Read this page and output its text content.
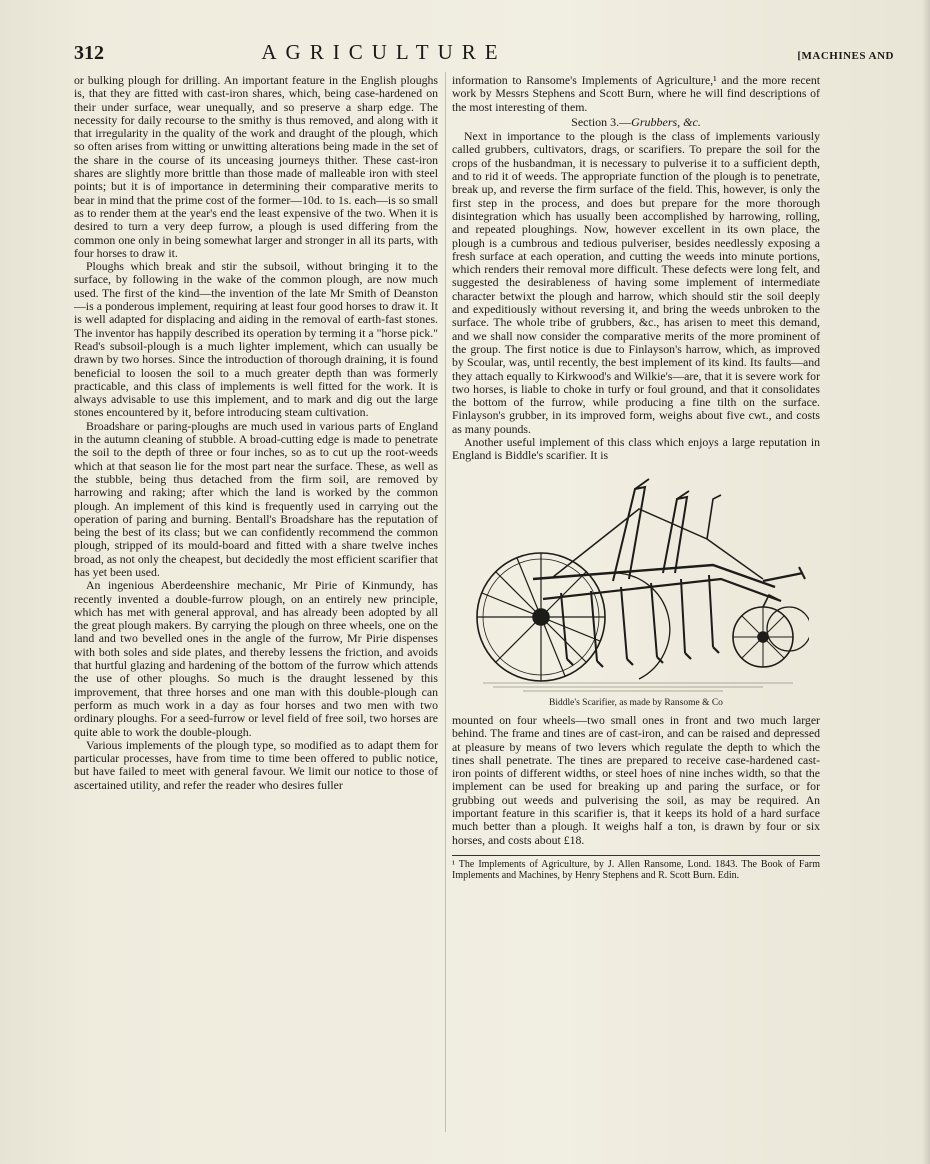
312	AGRICULTURE	[MACHINES AND

or bulking plough for drilling. An important feature in the English ploughs is, that they are fitted with cast-iron shares, which, being case-hardened on their under surface, wear unequally, and so preserve a sharp edge. The necessity for daily recourse to the smithy is thus removed, and along with it that irregularity in the quality of the work and draught of the plough, which so often arises from witting or unwitting alterations being made in the set of the share in the course of its unceasing journeys thither. These cast-iron shares are slightly more brittle than those made of malleable iron with steel points; but it is of importance in determining their comparative merits to bear in mind that the prime cost of the former—10d. to 1s. each—is so small as to render them at the year's end the least expensive of the two. When it is desired to turn a very deep furrow, a plough is used differing from the common one only in being somewhat larger and stronger in all its parts, with four horses to draw it.

Ploughs which break and stir the subsoil, without bringing it to the surface, by following in the wake of the common plough, are now much used. The first of the kind—the invention of the late Mr Smith of Deanston—is a ponderous implement, requiring at least four good horses to draw it. It is well adapted for displacing and aiding in the removal of earth-fast stones. The inventor has happily described its operation by terming it a "horse pick." Read's subsoil-plough is a much lighter implement, which can usually be drawn by two horses. Since the introduction of thorough draining, it is found beneficial to loosen the soil to a much greater depth than was formerly practicable, and this class of implements is well fitted for the work. It is always advisable to use this implement, and to mark and dig out the large stones encountered by it, before introducing steam cultivation.

Broadshare or paring-ploughs are much used in various parts of England in the autumn cleaning of stubble. A broad-cutting edge is made to penetrate the soil to the depth of three or four inches, so as to cut up the root-weeds which at that season lie for the most part near the surface. These, as well as the stubble, being thus detached from the firm soil, are removed by harrowing and raking; after which the land is worked by the common plough. An implement of this kind is frequently used in carrying out the operation of paring and burning. Bentall's Broadshare has the reputation of being the best of its class; but we can confidently recommend the common plough, stripped of its mould-board and fitted with a share twelve inches broad, as not only the cheapest, but decidedly the most efficient scarifier that has yet been used.

An ingenious Aberdeenshire mechanic, Mr Pirie of Kinmundy, has recently invented a double-furrow plough, on an entirely new principle, which has met with general approval, and has already been adopted by all the great plough makers. By carrying the plough on three wheels, one on the land and two bevelled ones in the angle of the furrow, Mr Pirie dispenses with both soles and side plates, and thereby lessens the friction, and avoids that hurtful glazing and hardening of the bottom of the furrow which attends the use of other ploughs. So much is the draught lessened by this improvement, that three horses and one man with this double-plough can perform as much work in a day as four horses and two men with two ordinary ploughs. For a seed-furrow or level field of free soil, two horses are quite able to work the double-plough.

Various implements of the plough type, so modified as to adapt them for particular processes, have from time to time been offered to public notice, but have failed to meet with general favour. We limit our notice to those of ascertained utility, and refer the reader who desires fuller

information to Ransome's Implements of Agriculture,¹ and the more recent work by Messrs Stephens and Scott Burn, where he will find descriptions of the most interesting of them.

Section 3.—Grubbers, &c.

Next in importance to the plough is the class of implements variously called grubbers, cultivators, drags, or scarifiers. To prepare the soil for the crops of the husbandman, it is necessary to pulverise it to a sufficient depth, and to rid it of weeds. The appropriate function of the plough is to penetrate, break up, and reverse the firm surface of the field. This, however, is only the first step in the process, and does but prepare for the more thorough disintegration which has usually been accomplished by harrowing, rolling, and repeated ploughings. Now, however excellent in its own place, the plough is a cumbrous and tedious pulveriser, besides needlessly exposing a fresh surface at each operation, and cutting the weeds into minute portions, which renders their removal more difficult. These defects were long felt, and suggested the desirableness of having some implement of intermediate character betwixt the plough and harrow, which should stir the soil deeply and expeditiously without reversing it, and bring the weeds unbroken to the surface. The whole tribe of grubbers, &c., has arisen to meet this demand, and we shall now consider the comparative merits of the more prominent of the group. The first notice is due to Finlayson's harrow, which, as improved by Scoular, was, until recently, the best implement of its kind. Its faults—and they attach equally to Kirkwood's and Wilkie's—are, that it is severe work for two horses, is liable to choke in turfy or foul ground, and that it consolidates the bottom of the furrow, while producing a fine tilth on the surface. Finlayson's grubber, in its improved form, weighs about five cwt., and costs as many pounds.

Another useful implement of this class which enjoys a large reputation in England is Biddle's scarifier. It is

Biddle's Scarifier, as made by Ransome & Co

mounted on four wheels—two small ones in front and two much larger behind. The frame and tines are of cast-iron, and can be raised and depressed at pleasure by means of two levers which regulate the depth to which the tines shall penetrate. The tines are prepared to receive case-hardened cast-iron points of different widths, or steel hoes of nine inches width, so that the implement can be used for breaking up and paring the surface, or for grubbing out weeds and pulverising the soil, as may be required. An important feature in this scarifier is, that it keeps its hold of a hard surface much better than a plough. It weighs half a ton, is drawn by four or six horses, and costs about £18.

¹ The Implements of Agriculture, by J. Allen Ransome, Lond. 1843. The Book of Farm Implements and Machines, by Henry Stephens and R. Scott Burn. Edin.
